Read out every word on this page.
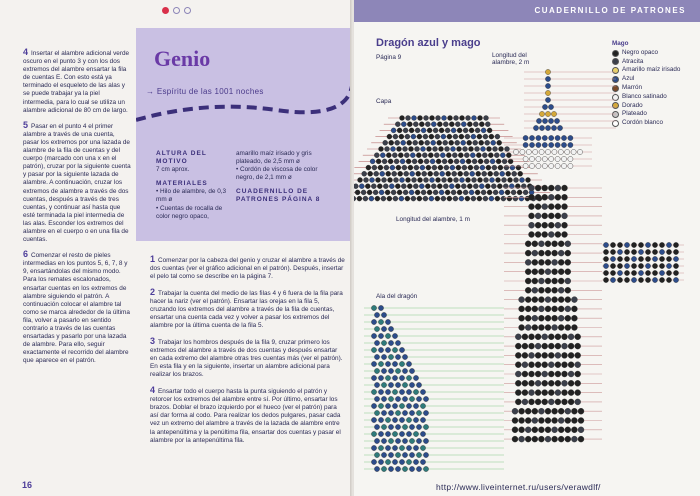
4 Insertar el alambre adicional verde oscuro en el punto 3 y con los dos extremos del alambre ensartar la fila de cuentas E. Con esto está ya terminado el esqueleto de las alas y se puede trabajar ya la piel intermedia, para lo cual se utiliza un alambre adicional de 80 cm de largo.

5 Pasar en el punto 4 el primer alambre a través de una cuenta, pasar los extremos por una lazada de alambre de la fila de cuentas y del cuerpo (marcado con una x en el patrón), cruzar por la siguiente cuenta y pasar por la siguiente lazada de alambre. A continuación, cruzar los extremos de alambre a través de dos cuentas, después a través de tres cuentas, y continuar así hasta que esté terminada la piel intermedia de las alas. Esconder los extremos del alambre en el cuerpo o en una fila de cuentas.

6 Comenzar el resto de pieles intermedias en los puntos 5, 6, 7, 8 y 9, ensartándolas del mismo modo. Para los remates escalonados, ensartar cuentas en los extremos de alambre siguiendo el patrón. A continuación colocar el alambre tal como se marca alrededor de la última fila, volver a pasarlo en sentido contrario a través de las cuentas ensartadas y pasarlo por una lazada de alambre. Para ello, seguir exactamente el recorrido del alambre que aparece en el patrón.

Genio
→ Espíritu de las 1001 noches
ALTURA DEL MOTIVO
7 cm aprox.
MATERIALES
• Hilo de alambre, de 0,3 mm ø
• Cuentas de rocalla de color negro opaco,
amarillo maíz irisado y gris plateado, de 2,5 mm ø
• Cordón de viscosa de color negro, de 2,1 mm ø
CUADERNILLO DE PATRONES PÁGINA 8

1 Comenzar por la cabeza del genio y cruzar el alambre a través de dos cuentas (ver el gráfico adicional en el patrón). Después, insertar el pelo tal como se describe en la página 7.

2 Trabajar la cuenta del medio de las filas 4 y 6 fuera de la fila para hacer la nariz (ver el patrón). Ensartar las orejas en la fila 5, cruzando los extremos del alambre a través de la fila de cuentas, ensartar una cuenta cada vez y volver a pasar los extremos del alambre por la última cuenta de la fila 5.

3 Trabajar los hombros después de la fila 9, cruzar primero los extremos del alambre a través de dos cuentas y después ensartar en cada extremo del alambre otras tres cuentas más (ver el patrón). En esta fila y en la siguiente, insertar un alambre adicional para realizar los brazos.

4 Ensartar todo el cuerpo hasta la punta siguiendo el patrón y retorcer los extremos del alambre entre sí. Por último, ensartar los brazos. Doblar el brazo izquierdo por el hueco (ver el patrón) para así dar forma al codo. Para realizar los dedos pulgares, pasar cada vez un extremo del alambre a través de la lazada de alambre entre la antepenúltima y la penúltima fila, ensartar dos cuentas y pasar el alambre por la antepenúltima fila.

16
CUADERNILLO DE PATRONES
Dragón azul y mago
Página 9	Longitud del alambre, 2 m
Capa
Longitud del alambre, 1 m
Ala del dragón
Mago
Negro opaco
Atracita
Amarillo maíz irisado
Azul
Marrón
Blanco satinado
Dorado
Plateado
Cordón blanco
http://www.liveinternet.ru/users/verawdlf/
